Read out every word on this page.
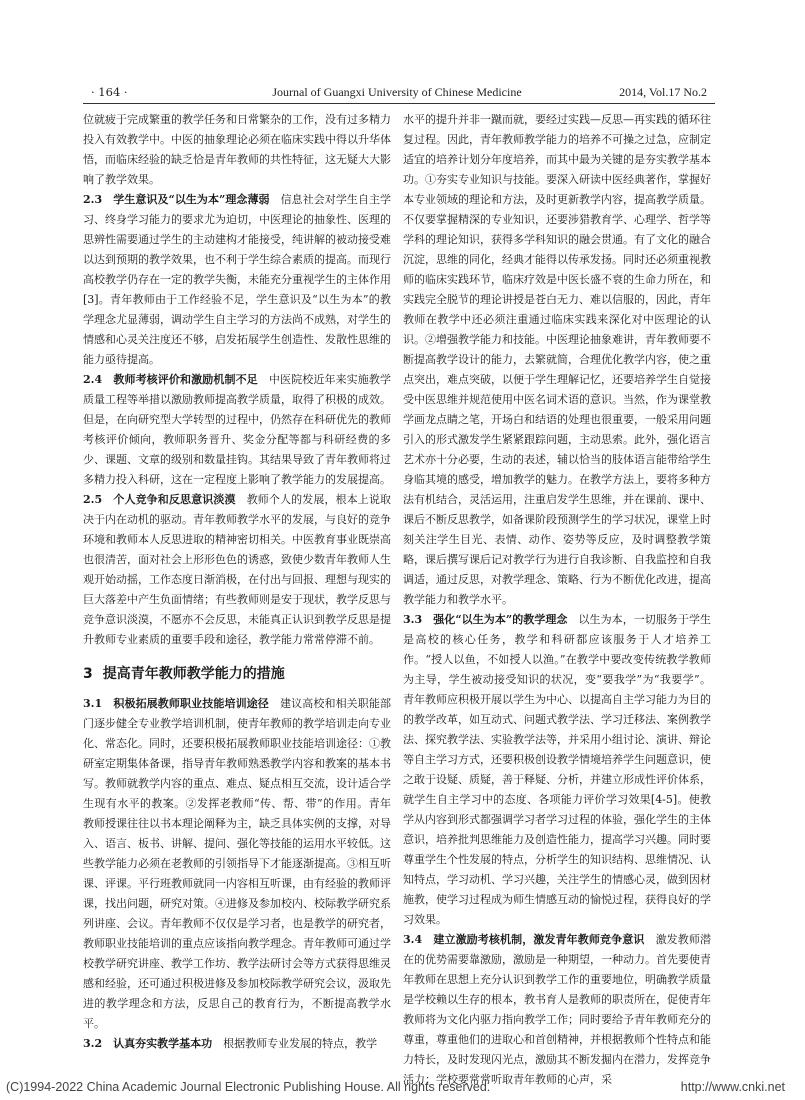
· 164 ·	Journal of Guangxi University of Chinese Medicine	2014, Vol.17 No.2

位就疲于完成繁重的教学任务和日常繁杂的工作，没有过多精力投入有效教学中。中医的抽象理论必须在临床实践中得以升华体悟，而临床经验的缺乏恰是青年教师的共性特征，这无疑大大影响了教学效果。

2.3　学生意识及“以生为本”理念薄弱　信息社会对学生自主学习、终身学习能力的要求尤为迫切，中医理论的抽象性、医理的思辨性需要通过学生的主动建构才能接受，纯讲解的被动接受难以达到预期的教学效果，也不利于学生综合素质的提高。而现行高校教学仍存在一定的教学失衡，未能充分重视学生的主体作用[3]。青年教师由于工作经验不足，学生意识及“以生为本”的教学理念尤显薄弱，调动学生自主学习的方法尚不成熟，对学生的情感和心灵关注度还不够，启发拓展学生创造性、发散性思维的能力亟待提高。

2.4　教师考核评价和激励机制不足　中医院校近年来实施教学质量工程等举措以激励教师提高教学质量，取得了积极的成效。但是，在向研究型大学转型的过程中，仍然存在科研优先的教师考核评价倾向，教师职务晋升、奖金分配等都与科研经费的多少、课题、文章的级别和数量挂钩。其结果导致了青年教师将过多精力投入科研，这在一定程度上影响了教学能力的发展提高。

2.5　个人竞争和反思意识淡漠　教师个人的发展，根本上说取决于内在动机的驱动。青年教师教学水平的发展，与良好的竞争环境和教师本人反思进取的精神密切相关。中医教育事业既崇高也很清苦，面对社会上形形色色的诱惑，致使少数青年教师人生观开始动摇，工作态度日渐消极，在付出与回报、理想与现实的巨大落差中产生负面情绪；有些教师则是安于现状，教学反思与竞争意识淡漠，不愿亦不会反思，未能真正认识到教学反思是提升教师专业素质的重要手段和途径，教学能力常常停滞不前。

3 提高青年教师教学能力的措施

3.1　积极拓展教师职业技能培训途径　建议高校和相关职能部门逐步健全专业教学培训机制，使青年教师的教学培训走向专业化、常态化。同时，还要积极拓展教师职业技能培训途径：①教研室定期集体备课，指导青年教师熟悉教学内容和教案的基本书写。教师就教学内容的重点、难点、疑点相互交流，设计适合学生现有水平的教案。②发挥老教师“传、帮、带”的作用。青年教师授课往往以书本理论阐释为主，缺乏具体实例的支撑，对导入、语言、板书、讲解、提问、强化等技能的运用水平较低。这些教学能力必须在老教师的引领指导下才能逐渐提高。③相互听课、评课。平行班教师就同一内容相互听课，由有经验的教师评课，找出问题，研究对策。④进修及参加校内、校际教学研究系列讲座、会议。青年教师不仅仅是学习者，也是教学的研究者，教师职业技能培训的重点应该指向教学理念。青年教师可通过学校教学研究讲座、教学工作坊、教学法研讨会等方式获得思维灵感和经验，还可通过积极进修及参加校际教学研究会议，汲取先进的教学理念和方法，反思自己的教育行为，不断提高教学水平。

3.2　认真夯实教学基本功　根据教师专业发展的特点，教学

水平的提升并非一蹴而就，要经过实践—反思—再实践的循环往复过程。因此，青年教师教学能力的培养不可操之过急，应制定适宜的培养计划分年度培养，而其中最为关键的是夯实教学基本功。①夯实专业知识与技能。要深入研读中医经典著作，掌握好本专业领域的理论和方法，及时更新教学内容，提高教学质量。不仅要掌握精深的专业知识，还要涉猎教育学、心理学、哲学等学科的理论知识，获得多学科知识的融会贯通。有了文化的融合沉淀，思维的同化，经典才能得以传承发扬。同时还必须重视教师的临床实践环节，临床疗效是中医长盛不衰的生命力所在，和实践完全脱节的理论讲授是苍白无力、难以信服的，因此，青年教师在教学中还必须注重通过临床实践来深化对中医理论的认识。②增强教学能力和技能。中医理论抽象难讲，青年教师要不断提高教学设计的能力，去繁就简，合理优化教学内容，使之重点突出，难点突破，以便于学生理解记忆，还要培养学生自觉接受中医思维并规范使用中医名词术语的意识。当然，作为课堂教学画龙点睛之笔，开场白和结语的处理也很重要，一般采用问题引入的形式激发学生紧紧跟踪问题，主动思索。此外，强化语言艺术亦十分必要，生动的表述，辅以恰当的肢体语言能带给学生身临其境的感受，增加教学的魅力。在教学方法上，要将多种方法有机结合，灵活运用，注重启发学生思维，并在课前、课中、课后不断反思教学，如备课阶段预测学生的学习状况，课堂上时刻关注学生目光、表情、动作、姿势等反应，及时调整教学策略，课后撰写课后记对教学行为进行自我诊断、自我监控和自我调适，通过反思，对教学理念、策略、行为不断优化改进，提高教学能力和教学水平。

3.3　强化“以生为本”的教学理念　以生为本，一切服务于学生是高校的核心任务，教学和科研都应该服务于人才培养工作。“授人以鱼，不如授人以渔。”在教学中要改变传统教学教师为主导，学生被动接受知识的状况，变“要我学”为“我要学”。青年教师应积极开展以学生为中心、以提高自主学习能力为目的的教学改革，如互动式、问题式教学法、学习迁移法、案例教学法、探究教学法、实验教学法等，并采用小组讨论、演讲、辩论等自主学习方式，还要积极创设教学情境培养学生问题意识，使之敢于设疑、质疑，善于释疑、分析，并建立形成性评价体系，就学生自主学习中的态度、各项能力评价学习效果[4-5]。使教学从内容到形式都强调学习者学习过程的体验，强化学生的主体意识，培养批判思维能力及创造性能力，提高学习兴趣。同时要尊重学生个性发展的特点，分析学生的知识结构、思维情况、认知特点，学习动机、学习兴趣，关注学生的情感心灵，做到因材施教，使学习过程成为师生情感互动的愉悦过程，获得良好的学习效果。

3.4　建立激励考核机制，激发青年教师竞争意识　激发教师潜在的优势需要靠激励，激励是一种期望，一种动力。首先要使青年教师在思想上充分认识到教学工作的重要地位，明确教学质量是学校赖以生存的根本，教书育人是教师的职责所在，促使青年教师将为文化内驱力指向教学工作；同时要给予青年教师充分的尊重，尊重他们的进取心和首创精神，并根据教师个性特点和能力特长，及时发现闪光点，激励其不断发掘内在潜力，发挥竞争活力；学校要常常听取青年教师的心声，采

(C)1994-2022 China Academic Journal Electronic Publishing House. All rights reserved.	http://www.cnki.net
